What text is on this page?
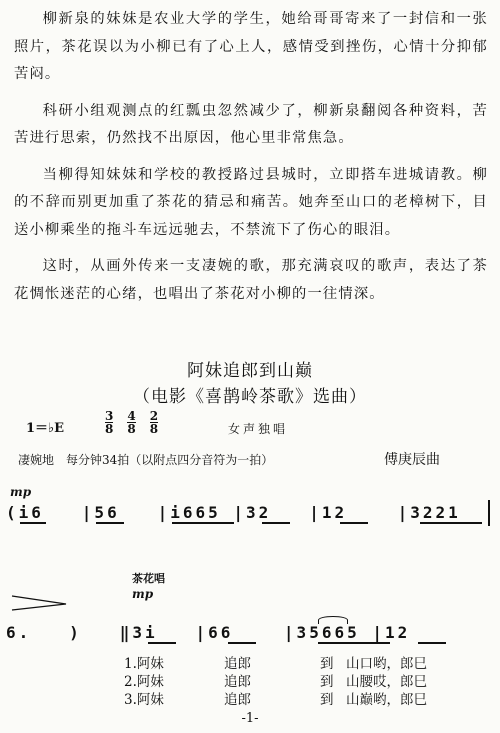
柳新泉的妹妹是农业大学的学生，她给哥哥寄来了一封信和一张照片，茶花误以为小柳已有了心上人，感情受到挫伤，心情十分抑郁苦闷。

科研小组观测点的红瓢虫忽然减少了，柳新泉翻阅各种资料，苦苦进行思索，仍然找不出原因，他心里非常焦急。

当柳得知妹妹和学校的教授路过县城时，立即搭车进城请教。柳的不辞而别更加重了茶花的猜忌和痛苦。她奔至山口的老樟树下，目送小柳乘坐的拖斗车远远驰去，不禁流下了伤心的眼泪。

这时，从画外传来一支凄婉的歌，那充满哀叹的歌声，表达了茶花惆怅迷茫的心绪，也唱出了茶花对小柳的一往情深。

阿妹追郎到山巅
（电影《喜鹊岭茶歌》选曲）
1＝♭E	$\frac{3}{8} \frac{4}{8} \frac{2}{8}$	女声独唱
凄婉地　每分钟34拍（以附点四分音符为一拍）	傅庚辰曲
mp
(i6   |56   |i665 |32   |12    |3221
茶花唱
mp
6.   )   ‖3i   |66    |35665 |12
1.阿妹	追郎	到 山口哟，郎巳
2.阿妹	追郎	到 山腰哎，郎巳
3.阿妹	追郎	到 山巅哟，郎巳
-1-
